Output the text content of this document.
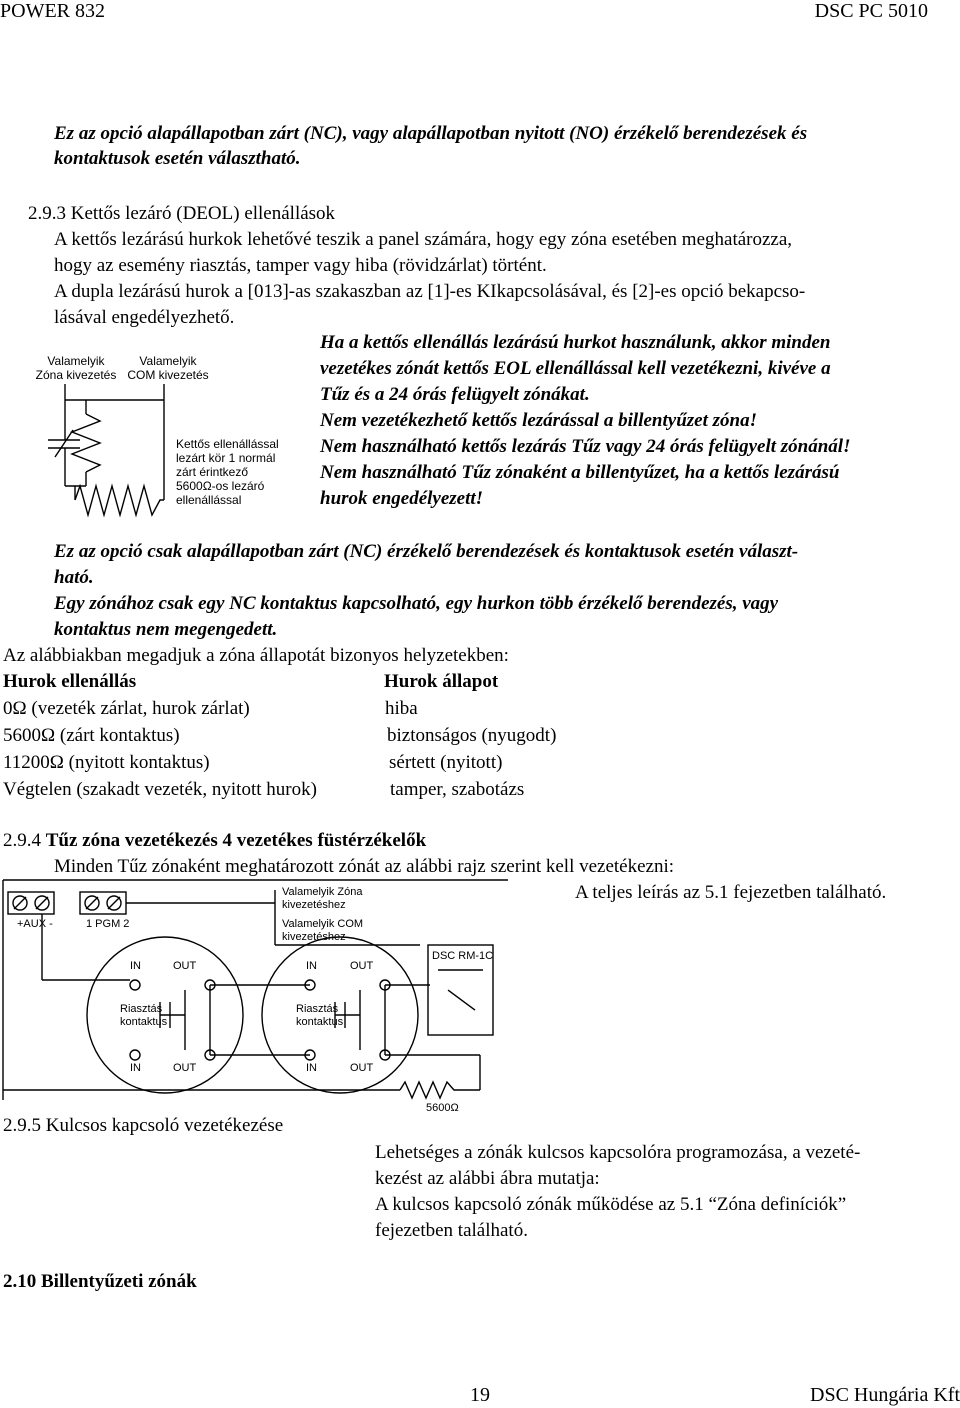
POWER 832	DSC PC 5010
Ez az opció alapállapotban zárt (NC), vagy alapállapotban nyitott (NO) érzékelő berendezések és
kontaktusok esetén választható.
2.9.3 Kettős lezáró (DEOL) ellenállások
A kettős lezárású hurkok lehetővé teszik a panel számára, hogy egy zóna esetében meghatározza,
hogy az esemény riasztás, tamper vagy hiba (rövidzárlat) történt.
A dupla lezárású hurok a [013]-as szakaszban az [1]-es KIkapcsolásával, és [2]-es opció bekapcso-
lásával engedélyezhető.
Valamelyik
Zóna kivezetés
Valamelyik
COM kivezetés
Kettős ellenállással
lezárt kör 1 normál
zárt érintkező
5600Ω-os lezáró
ellenállással
Ha a kettős ellenállás lezárású hurkot használunk, akkor minden
vezetékes zónát kettős EOL ellenállással kell vezetékezni, kivéve a
Tűz és a 24 órás felügyelt zónákat.
Nem vezetékezhető kettős lezárással a billentyűzet zóna!
Nem használható kettős lezárás Tűz vagy 24 órás felügyelt zónánál!
Nem használható Tűz zónaként a billentyűzet, ha a kettős lezárású
hurok engedélyezett!
Ez az opció csak alapállapotban zárt (NC) érzékelő berendezések és kontaktusok esetén választ-
ható.
Egy zónához csak egy NC kontaktus kapcsolható, egy hurkon több érzékelő berendezés, vagy
kontaktus nem megengedett.
Az alábbiakban megadjuk a zóna állapotát bizonyos helyzetekben:
Hurok ellenállás	Hurok állapot
0Ω (vezeték zárlat, hurok zárlat)	hiba
5600Ω (zárt kontaktus)	biztonságos (nyugodt)
11200Ω (nyitott kontaktus)	sértett (nyitott)
Végtelen (szakadt vezeték, nyitott hurok)	tamper, szabotázs
2.9.4 Tűz zóna vezetékezés 4 vezetékes füstérzékelők
Minden Tűz zónaként meghatározott zónát az alábbi rajz szerint kell vezetékezni:
A teljes leírás az 5.1 fejezetben található.
+AUX -	1 PGM 2
Valamelyik Zóna
kivezetéshez
Valamelyik COM
kivezetéshez
IN	OUT
Riasztás
kontaktus
IN	OUT
IN	OUT
Riasztás
kontaktus
IN	OUT
DSC RM-1C
5600Ω
2.9.5 Kulcsos kapcsoló vezetékezése
Lehetséges a zónák kulcsos kapcsolóra programozása, a vezeté-
kezést az alábbi ábra mutatja:
A kulcsos kapcsoló zónák működése az 5.1 “Zóna definíciók”
fejezetben található.
2.10 Billentyűzeti zónák
19	DSC Hungária Kft
